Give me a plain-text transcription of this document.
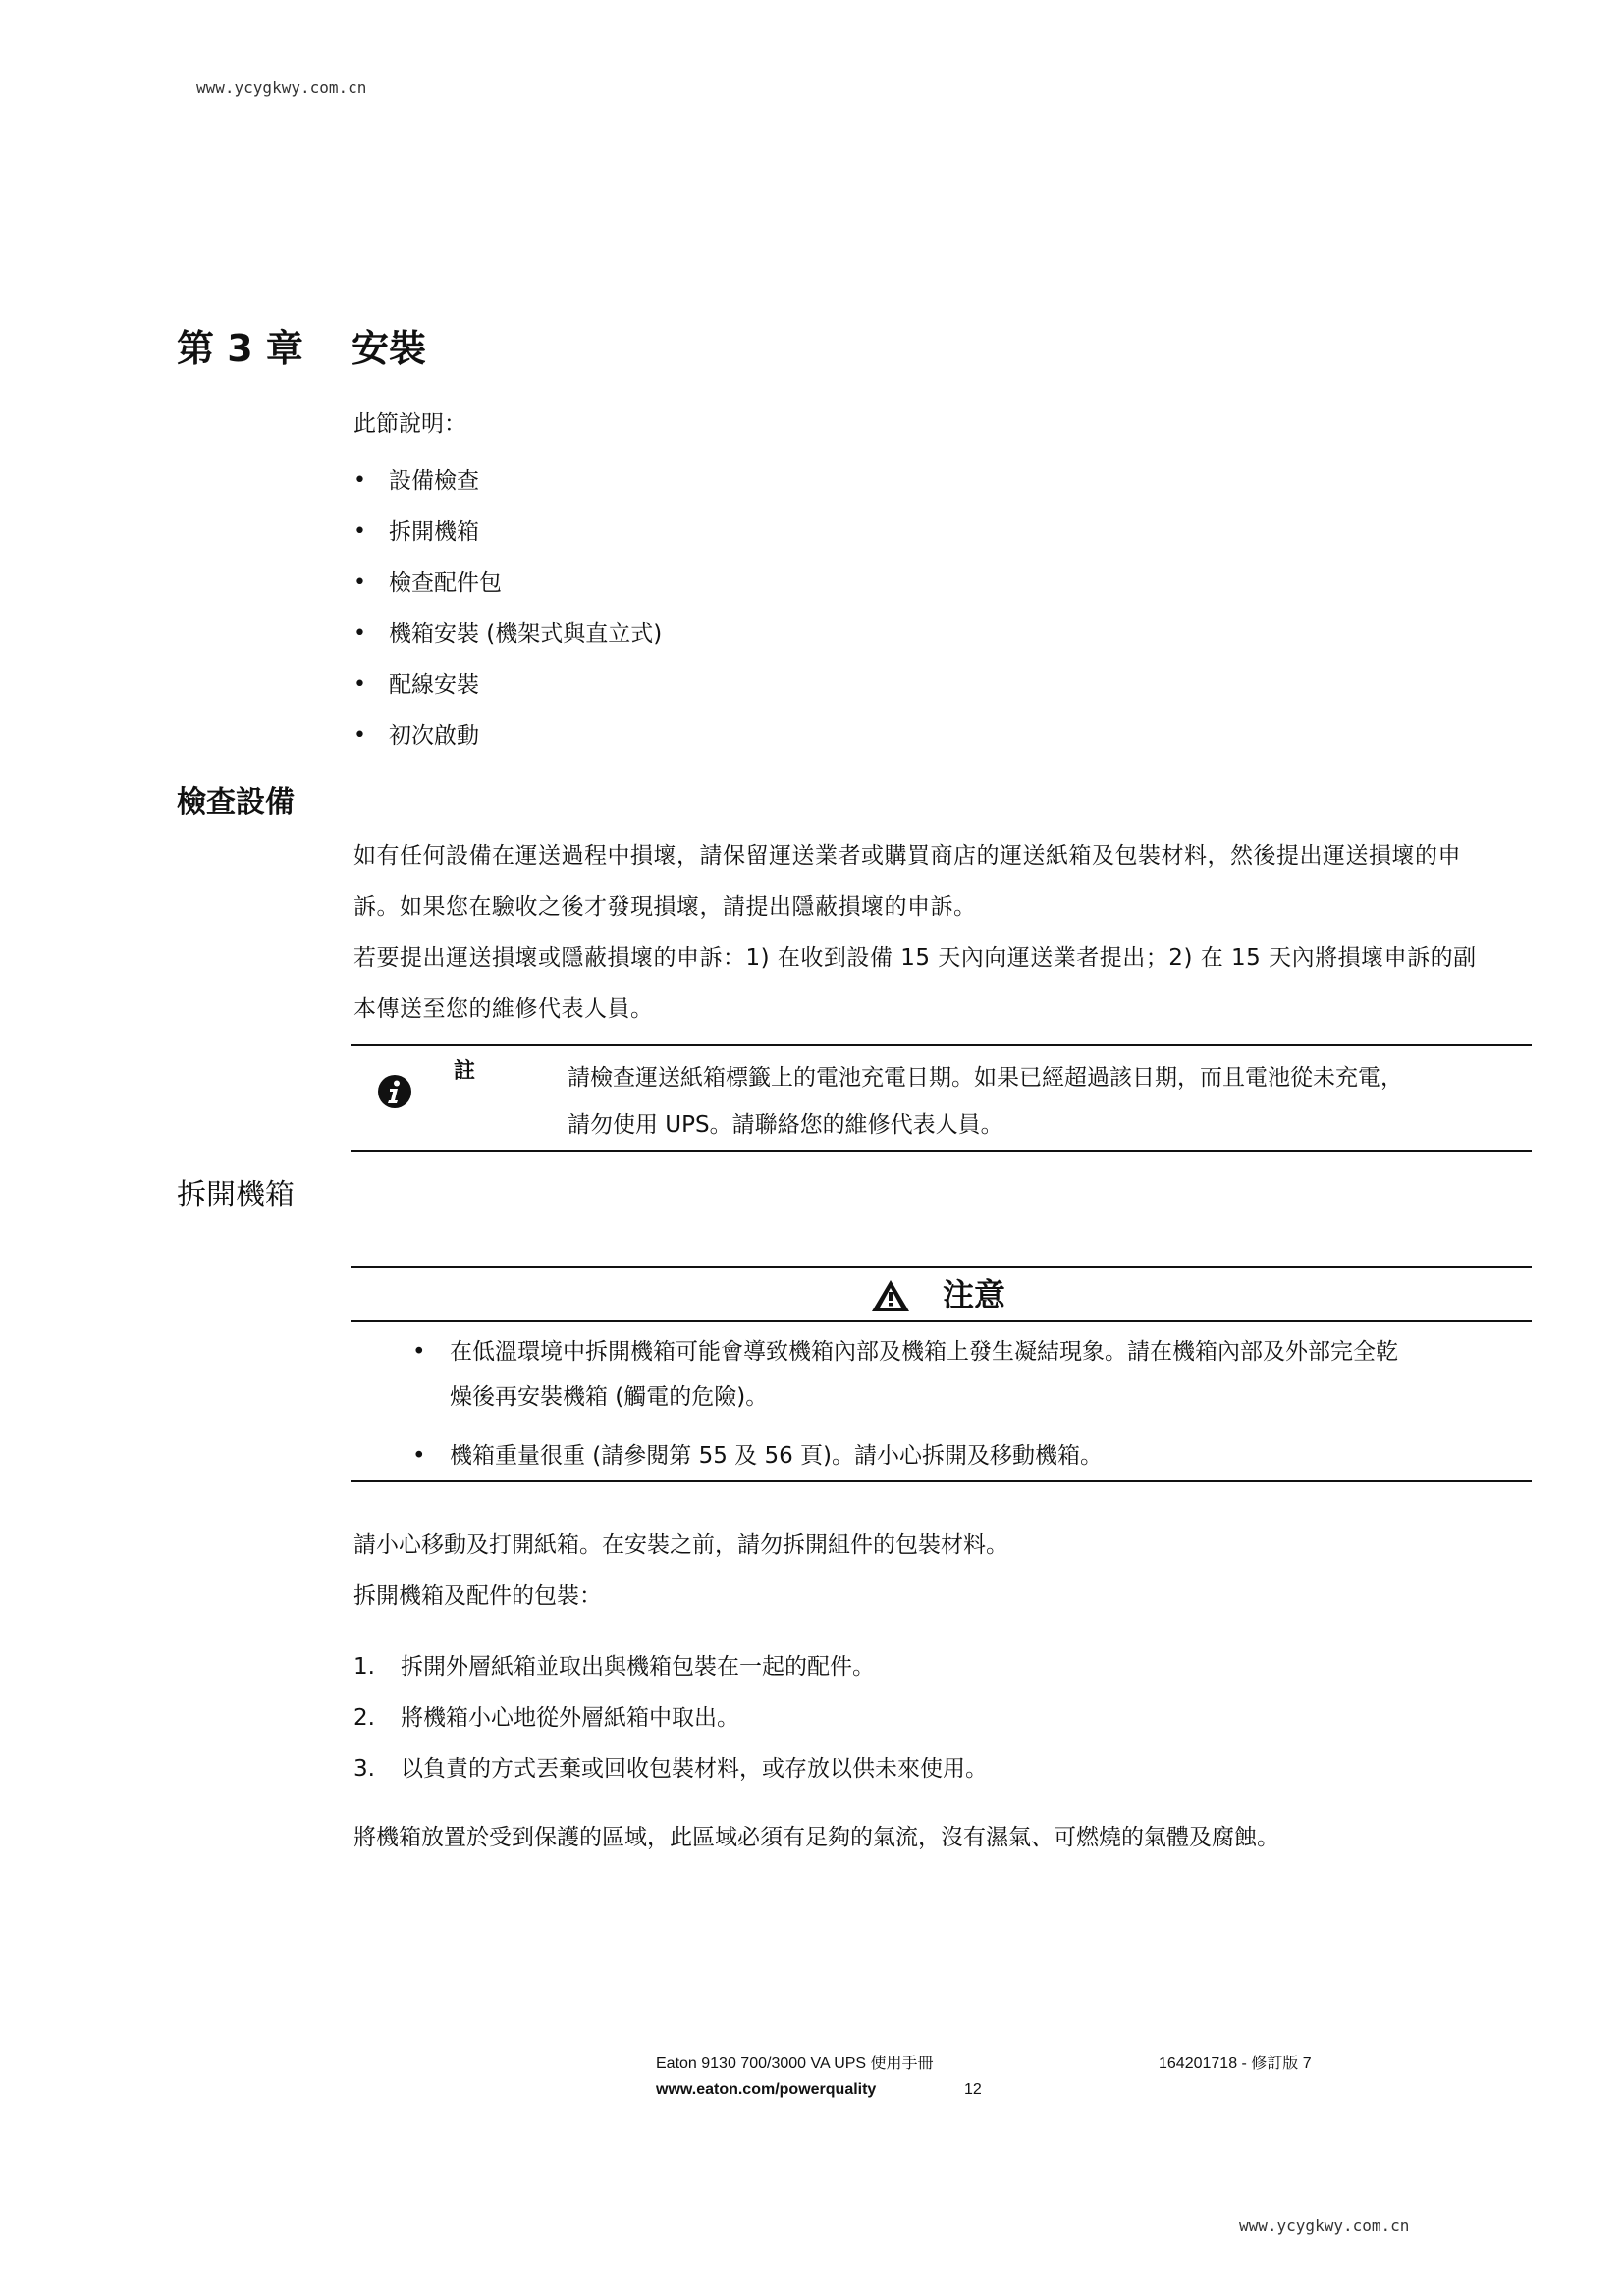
www.ycygkwy.com.cn
第 3 章 安裝
此節說明：
• 設備檢查
• 拆開機箱
• 檢查配件包
• 機箱安裝 (機架式與直立式)
• 配線安裝
• 初次啟動
檢查設備
如有任何設備在運送過程中損壞，請保留運送業者或購買商店的運送紙箱及包裝材料，然後提出運送損壞的申
訴。如果您在驗收之後才發現損壞，請提出隱蔽損壞的申訴。
若要提出運送損壞或隱蔽損壞的申訴：1) 在收到設備 15 天內向運送業者提出；2) 在 15 天內將損壞申訴的副
本傳送至您的維修代表人員。
註	請檢查運送紙箱標籤上的電池充電日期。如果已經超過該日期，而且電池從未充電，
請勿使用 UPS。請聯絡您的維修代表人員。
拆開機箱
注意
• 在低溫環境中拆開機箱可能會導致機箱內部及機箱上發生凝結現象。請在機箱內部及外部完全乾
燥後再安裝機箱 (觸電的危險)。
• 機箱重量很重 (請參閱第 55 及 56 頁)。請小心拆開及移動機箱。
請小心移動及打開紙箱。在安裝之前，請勿拆開組件的包裝材料。
拆開機箱及配件的包裝：
1. 拆開外層紙箱並取出與機箱包裝在一起的配件。
2. 將機箱小心地從外層紙箱中取出。
3. 以負責的方式丟棄或回收包裝材料，或存放以供未來使用。
將機箱放置於受到保護的區域，此區域必須有足夠的氣流，沒有濕氣、可燃燒的氣體及腐蝕。
Eaton 9130 700/3000 VA UPS 使用手冊	164201718 - 修訂版 7
www.eaton.com/powerquality	12
www.ycygkwy.com.cn
